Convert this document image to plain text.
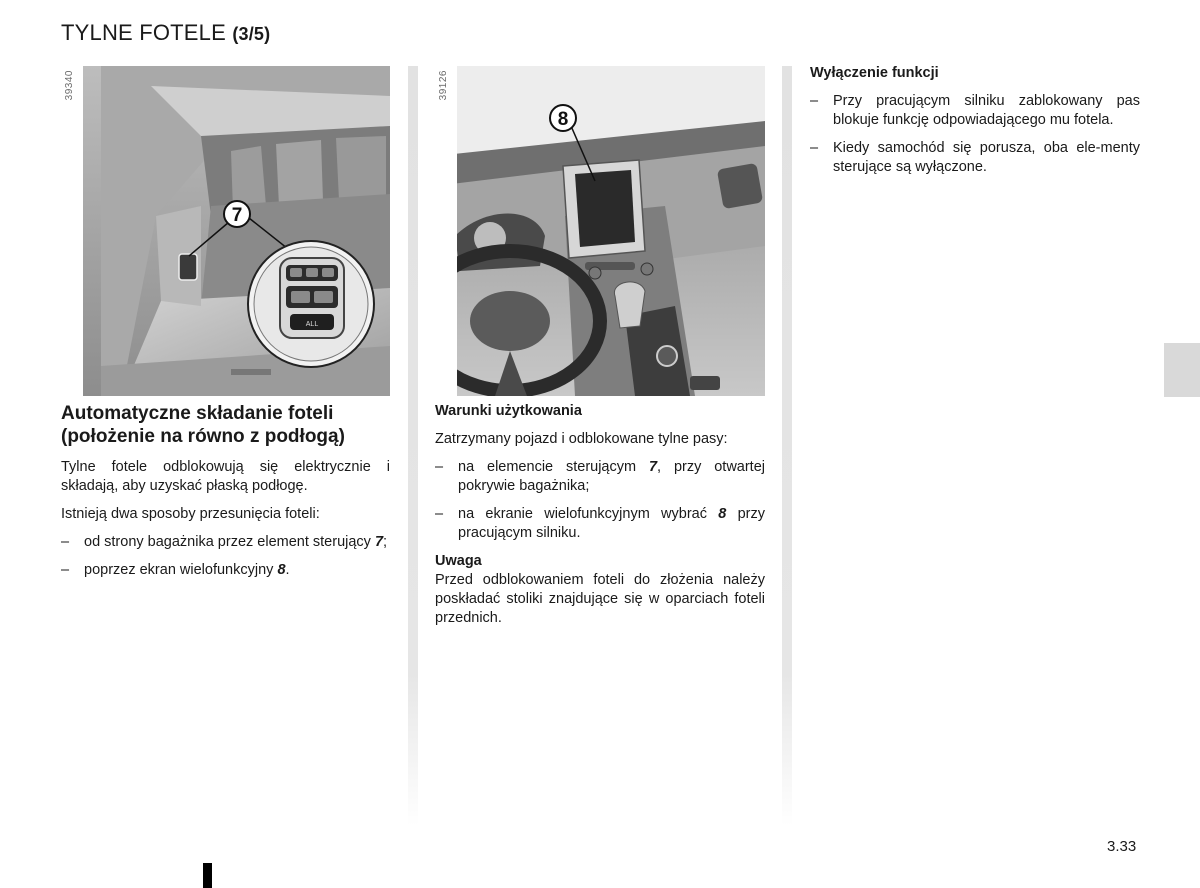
TYLNE FOTELE (3/5)
7
ALL
39340
8
39126
Automatyczne składanie foteli
(położenie na równo z podłogą)
Tylne fotele odblokowują się elektrycznie i składają, aby uzyskać płaską podłogę.
Istnieją dwa sposoby przesunięcia foteli:
– od strony bagażnika przez element sterujący 7;
– poprzez ekran wielofunkcyjny 8.
Warunki użytkowania
Zatrzymany pojazd i odblokowane tylne pasy:
– na elemencie sterującym 7, przy otwartej pokrywie bagażnika;
– na ekranie wielofunkcyjnym wybrać 8 przy pracującym silniku.
Uwaga
Przed odblokowaniem foteli do złożenia należy poskładać stoliki znajdujące się w oparciach foteli przednich.
Wyłączenie funkcji
– Przy pracującym silniku zablokowany pas blokuje funkcję odpowiadającego mu fotela.
– Kiedy samochód się porusza, oba ele-menty sterujące są wyłączone.
3.33
